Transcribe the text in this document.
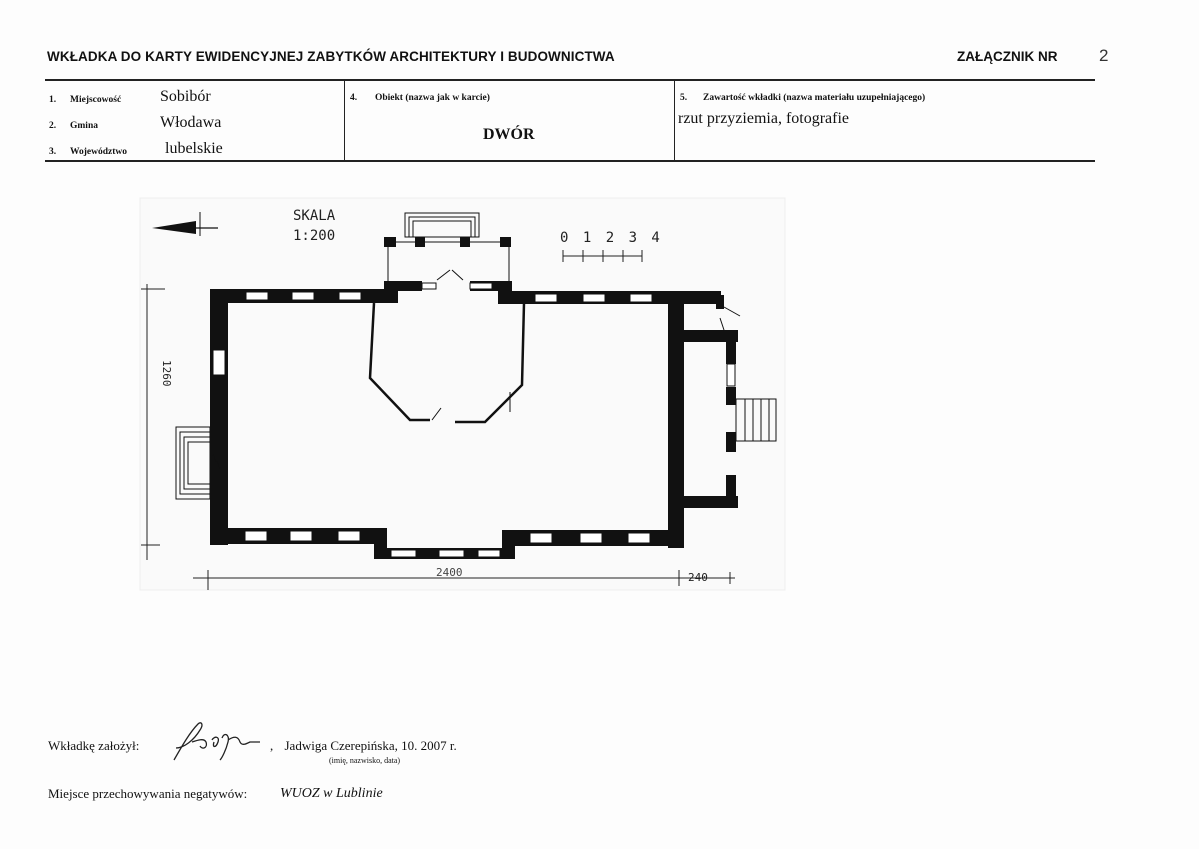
WKŁADKA DO KARTY EWIDENCYJNEJ ZABYTKÓW ARCHITEKTURY I BUDOWNICTWA	ZAŁĄCZNIK NR 2
1. Miejscowość Sobibór
2. Gmina	Włodawa
3. Województwo lubelskie
4. Obiekt (nazwa jak w karcie)
DWÓR
5. Zawartość wkładki (nazwa materiału uzupełniającego)
rzut przyziemia, fotografie
SKALA
1:200	0 1 2 3 4
1260
2400	240
Wkładkę założył:	, Jadwiga Czerepińska, 10. 2007 r.
(imię, nazwisko, data)
Miejsce przechowywania negatywów: WUOZ w Lublinie
